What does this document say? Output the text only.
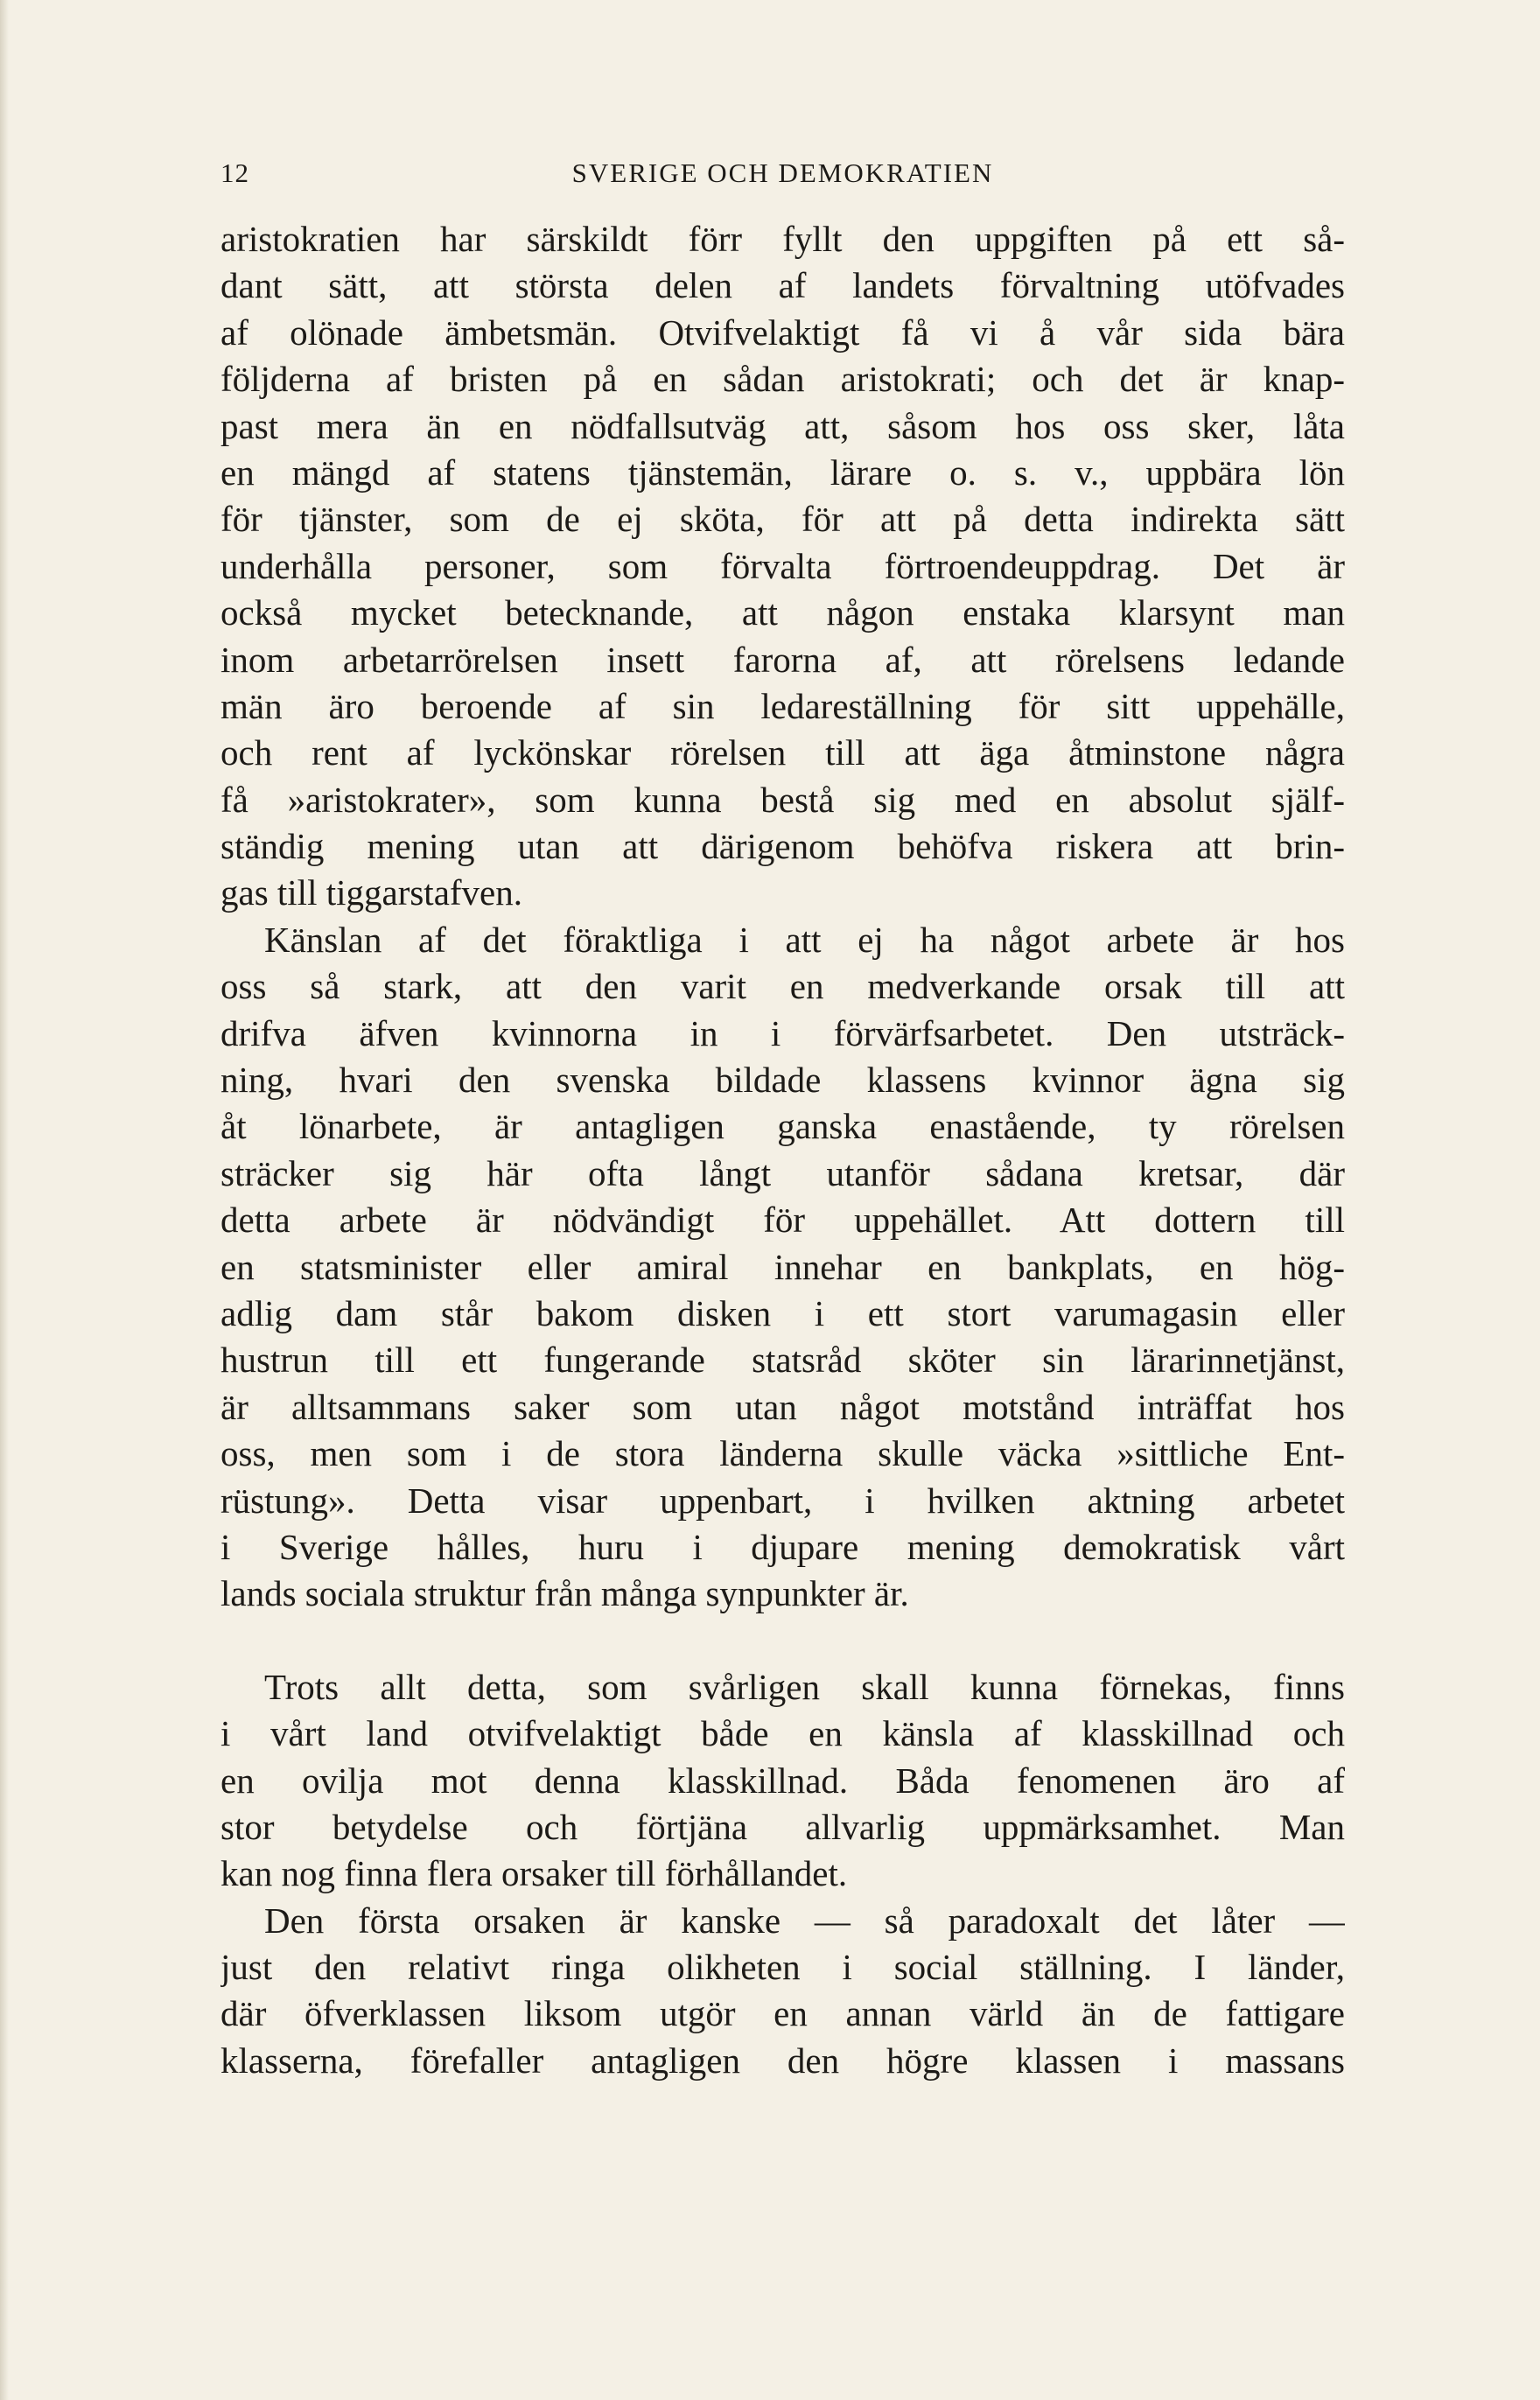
12	SVERIGE OCH DEMOKRATIEN
aristokratien har särskildt förr fyllt den uppgiften på ett så-
dant sätt, att största delen af landets förvaltning utöfvades
af olönade ämbetsmän. Otvifvelaktigt få vi å vår sida bära
följderna af bristen på en sådan aristokrati; och det är knap-
past mera än en nödfallsutväg att, såsom hos oss sker, låta
en mängd af statens tjänstemän, lärare o. s. v., uppbära lön
för tjänster, som de ej sköta, för att på detta indirekta sätt
underhålla personer, som förvalta förtroendeuppdrag. Det är
också mycket betecknande, att någon enstaka klarsynt man
inom arbetarrörelsen insett farorna af, att rörelsens ledande
män äro beroende af sin ledareställning för sitt uppehälle,
och rent af lyckönskar rörelsen till att äga åtminstone några
få »aristokrater», som kunna bestå sig med en absolut själf-
ständig mening utan att därigenom behöfva riskera att brin-
gas till tiggarstafven.
Känslan af det föraktliga i att ej ha något arbete är hos
oss så stark, att den varit en medverkande orsak till att
drifva äfven kvinnorna in i förvärfsarbetet. Den utsträck-
ning, hvari den svenska bildade klassens kvinnor ägna sig
åt lönarbete, är antagligen ganska enastående, ty rörelsen
sträcker sig här ofta långt utanför sådana kretsar, där
detta arbete är nödvändigt för uppehället. Att dottern till
en statsminister eller amiral innehar en bankplats, en hög-
adlig dam står bakom disken i ett stort varumagasin eller
hustrun till ett fungerande statsråd sköter sin lärarinnetjänst,
är alltsammans saker som utan något motstånd inträffat hos
oss, men som i de stora länderna skulle väcka »sittliche Ent-
rüstung». Detta visar uppenbart, i hvilken aktning arbetet
i Sverige hålles, huru i djupare mening demokratisk vårt
lands sociala struktur från många synpunkter är.
Trots allt detta, som svårligen skall kunna förnekas, finns
i vårt land otvifvelaktigt både en känsla af klasskillnad och
en ovilja mot denna klasskillnad. Båda fenomenen äro af
stor betydelse och förtjäna allvarlig uppmärksamhet. Man
kan nog finna flera orsaker till förhållandet.
Den första orsaken är kanske — så paradoxalt det låter —
just den relativt ringa olikheten i social ställning. I länder,
där öfverklassen liksom utgör en annan värld än de fattigare
klasserna, förefaller antagligen den högre klassen i massans
